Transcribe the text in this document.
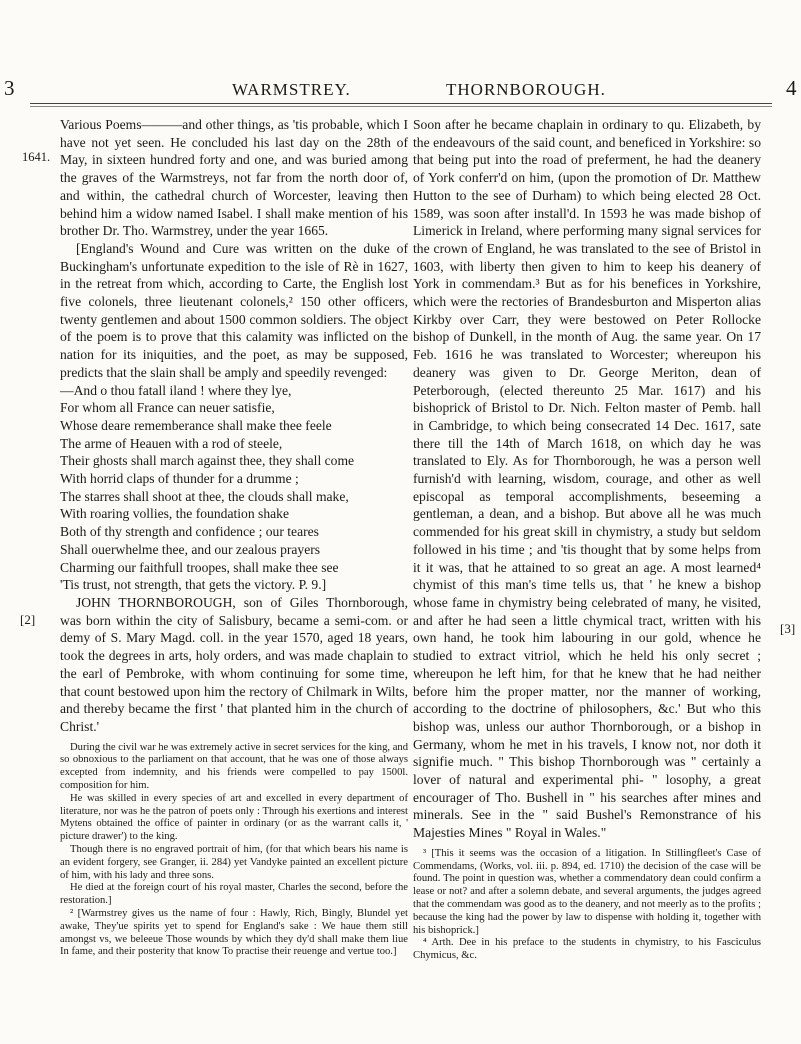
3	WARMSTREY.	THORNBOROUGH.	4
1641.
[2]
[3]

Various Poems———and other things, as 'tis probable, which I have not yet seen. He concluded his last day on the 28th of May, in sixteen hundred forty and one, and was buried among the graves of the Warmstreys, not far from the north door of, and within, the cathedral church of Worcester, leaving then behind him a widow named Isabel. I shall make mention of his brother Dr. Tho. Warmstrey, under the year 1665.

[England's Wound and Cure was written on the duke of Buckingham's unfortunate expedition to the isle of Rè in 1627, in the retreat from which, according to Carte, the English lost five colonels, three lieutenant colonels,² 150 other officers, twenty gentlemen and about 1500 common soldiers. The object of the poem is to prove that this calamity was inflicted on the nation for its iniquities, and the poet, as may be supposed, predicts that the slain shall be amply and speedily revenged:

—And o thou fatall iland ! where they lye,
For whom all France can neuer satisfie,
Whose deare rememberance shall make thee feele
The arme of Heauen with a rod of steele,
Their ghosts shall march against thee, they shall come
With horrid claps of thunder for a drumme ;
The starres shall shoot at thee, the clouds shall make,
With roaring vollies, the foundation shake
Both of thy strength and confidence ; our teares
Shall ouerwhelme thee, and our zealous prayers
Charming our faithfull troopes, shall make thee see
'Tis trust, not strength, that gets the victory. P. 9.]

JOHN THORNBOROUGH, son of Giles Thornborough, was born within the city of Salisbury, became a semi-com. or demy of S. Mary Magd. coll. in the year 1570, aged 18 years, took the degrees in arts, holy orders, and was made chaplain to the earl of Pembroke, with whom continuing for some time, that count bestowed upon him the rectory of Chilmark in Wilts, and thereby became the first ' that planted him in the church of Christ.'

During the civil war he was extremely active in secret services for the king, and so obnoxious to the parliament on that account, that he was one of those always excepted from indemnity, and his friends were compelled to pay 1500l. composition for him.

He was skilled in every species of art and excelled in every department of literature, nor was he the patron of poets only : Through his exertions and interest Mytens obtained the office of painter in ordinary (or as the warrant calls it, ' picture drawer') to the king.

Though there is no engraved portrait of him, (for that which bears his name is an evident forgery, see Granger, ii. 284) yet Vandyke painted an excellent picture of him, with his lady and three sons.

He died at the foreign court of his royal master, Charles the second, before the restoration.]

² [Warmstrey gives us the name of four : Hawly, Rich, Bingly, Blundel yet awake, They'ue spirits yet to spend for England's sake : We haue them still amongst vs, we beleeue Those wounds by which they dy'd shall make them liue In fame, and their posterity that know To practise their reuenge and vertue too.]

Soon after he became chaplain in ordinary to qu. Elizabeth, by the endeavours of the said count, and beneficed in Yorkshire: so that being put into the road of preferment, he had the deanery of York conferr'd on him, (upon the promotion of Dr. Matthew Hutton to the see of Durham) to which being elected 28 Oct. 1589, was soon after install'd. In 1593 he was made bishop of Limerick in Ireland, where performing many signal services for the crown of England, he was translated to the see of Bristol in 1603, with liberty then given to him to keep his deanery of York in commendam.³ But as for his benefices in Yorkshire, which were the rectories of Brandesburton and Misperton alias Kirkby over Carr, they were bestowed on Peter Rollocke bishop of Dunkell, in the month of Aug. the same year. On 17 Feb. 1616 he was translated to Worcester; whereupon his deanery was given to Dr. George Meriton, dean of Peterborough, (elected thereunto 25 Mar. 1617) and his bishoprick of Bristol to Dr. Nich. Felton master of Pemb. hall in Cambridge, to which being consecrated 14 Dec. 1617, sate there till the 14th of March 1618, on which day he was translated to Ely. As for Thornborough, he was a person well furnish'd with learning, wisdom, courage, and other as well episcopal as temporal accomplishments, beseeming a gentleman, a dean, and a bishop. But above all he was much commended for his great skill in chymistry, a study but seldom followed in his time ; and 'tis thought that by some helps from it it was, that he attained to so great an age. A most learned⁴ chymist of this man's time tells us, that ' he knew a bishop whose fame in chymistry being celebrated of many, he visited, and after he had seen a little chymical tract, written with his own hand, he took him labouring in our gold, whence he studied to extract vitriol, which he held his only secret ; whereupon he left him, for that he knew that he had neither before him the proper matter, nor the manner of working, according to the doctrine of philosophers, &c.' But who this bishop was, unless our author Thornborough, or a bishop in Germany, whom he met in his travels, I know not, nor doth it signifie much. " This bishop Thornborough was " certainly a lover of natural and experimental phi- " losophy, a great encourager of Tho. Bushell in " his searches after mines and minerals. See in the " said Bushel's Remonstrance of his Majesties Mines " Royal in Wales."

³ [This it seems was the occasion of a litigation. In Stillingfleet's Case of Commendams, (Works, vol. iii. p. 894, ed. 1710) the decision of the case will be found. The point in question was, whether a commendatory dean could confirm a lease or not? and after a solemn debate, and several arguments, the judges agreed that the commendam was good as to the deanery, and not meerly as to the profits ; because the king had the power by law to dispense with holding it, together with his bishoprick.]

⁴ Arth. Dee in his preface to the students in chymistry, to his Fasciculus Chymicus, &c.
